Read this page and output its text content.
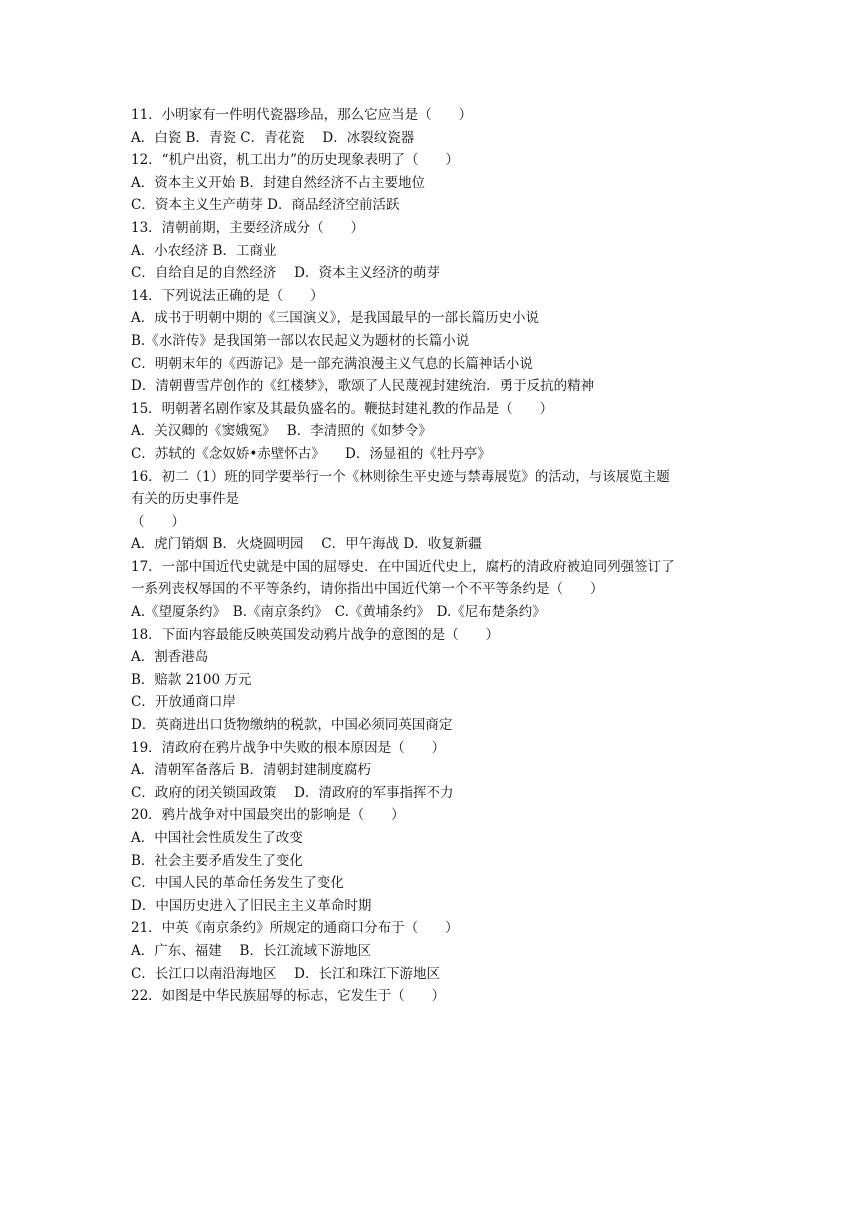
11．小明家有一件明代瓷器珍品，那么它应当是（　　）
A．白瓷 B．青瓷 C．青花瓷　 D．冰裂纹瓷器
12．“机户出资，机工出力”的历史现象表明了（　　）
A．资本主义开始 B．封建自然经济不占主要地位
C．资本主义生产萌芽 D．商品经济空前活跃
13．清朝前期，主要经济成分（　　）
A．小农经济 B．工商业
C．自给自足的自然经济　 D．资本主义经济的萌芽
14．下列说法正确的是（　　）
A．成书于明朝中期的《三国演义》，是我国最早的一部长篇历史小说
B.《水浒传》是我国第一部以农民起义为题材的长篇小说
C．明朝末年的《西游记》是一部充满浪漫主义气息的长篇神话小说
D．清朝曹雪芹创作的《红楼梦》，歌颂了人民蔑视封建统治．勇于反抗的精神
15．明朝著名剧作家及其最负盛名的。鞭挞封建礼教的作品是（　　）
A．关汉卿的《窦娥冤》　 B．李清照的《如梦令》
C．苏轼的《念奴娇•赤壁怀古》　　D．汤显祖的《牡丹亭》
16．初二（1）班的同学要举行一个《林则徐生平史迹与禁毒展览》的活动，与该展览主题
有关的历史事件是
（　　）
A．虎门销烟 B．火烧圆明园　 C．甲午海战 D．收复新疆
17．一部中国近代史就是中国的屈辱史．在中国近代史上，腐朽的清政府被迫同列强签订了
一系列丧权辱国的不平等条约，请你指出中国近代第一个不平等条约是（　　）
A.《望厦条约》　B.《南京条约》　C.《黄埔条约》　D.《尼布楚条约》
18．下面内容最能反映英国发动鸦片战争的意图的是（　　）
A．割香港岛
B．赔款 2100 万元
C．开放通商口岸
D．英商进出口货物缴纳的税款，中国必须同英国商定
19．清政府在鸦片战争中失败的根本原因是（　　）
A．清朝军备落后 B．清朝封建制度腐朽
C．政府的闭关锁国政策　 D．清政府的军事指挥不力
20．鸦片战争对中国最突出的影响是（　　）
A．中国社会性质发生了改变
B．社会主要矛盾发生了变化
C．中国人民的革命任务发生了变化
D．中国历史进入了旧民主主义革命时期
21．中英《南京条约》所规定的通商口分布于（　　）
A．广东、福建　 B．长江流域下游地区
C．长江口以南沿海地区　 D．长江和珠江下游地区
22．如图是中华民族屈辱的标志，它发生于（　　）
